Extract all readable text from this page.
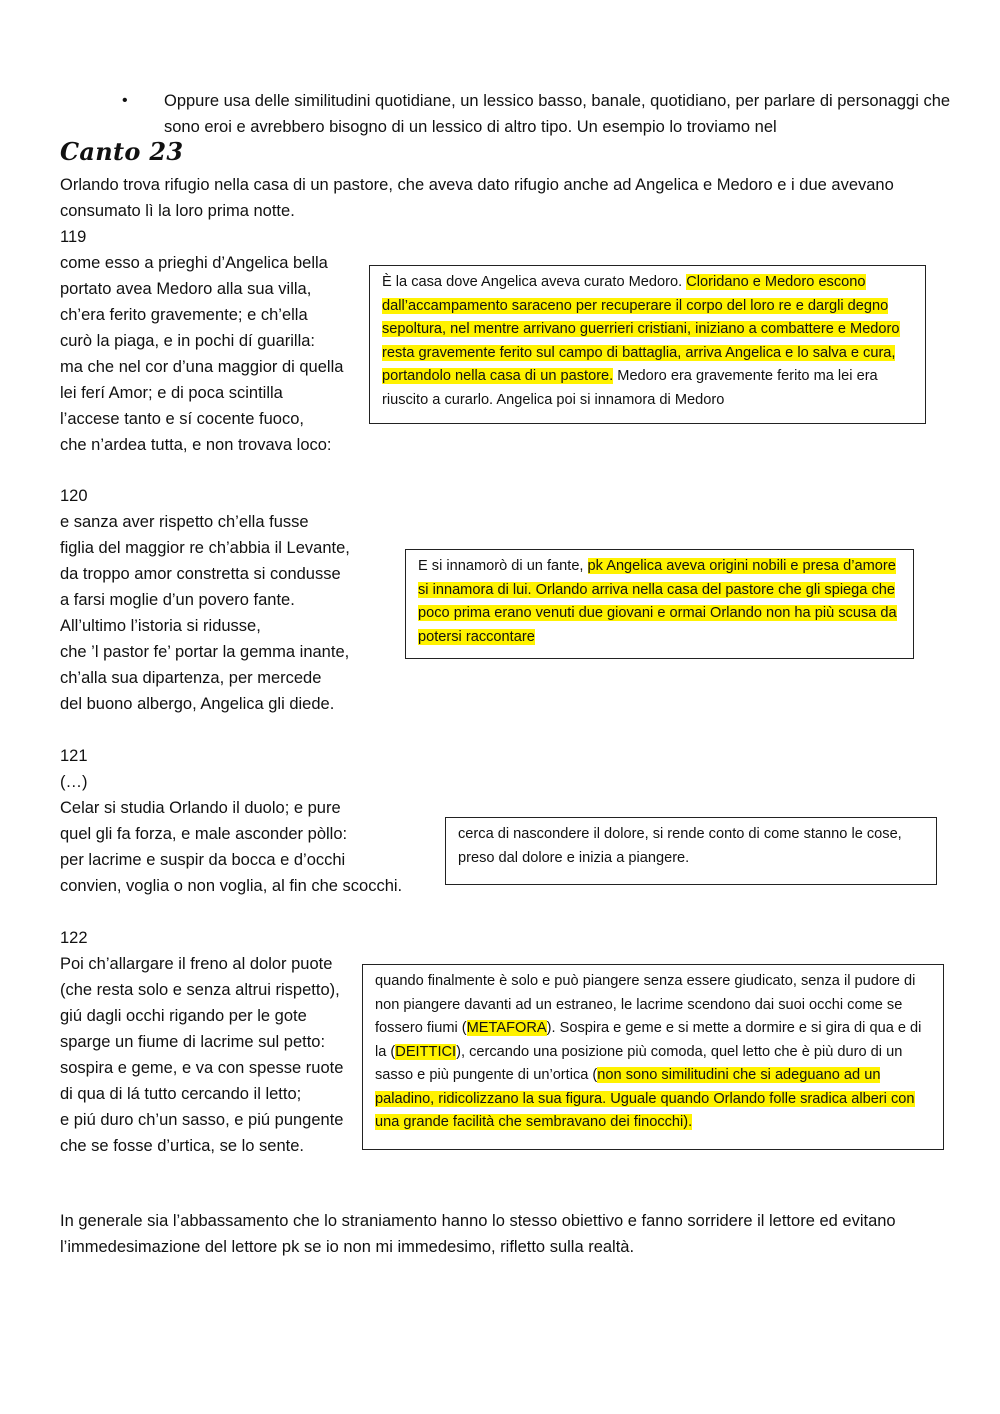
• Oppure usa delle similitudini quotidiane, un lessico basso, banale, quotidiano, per parlare di personaggi che sono eroi e avrebbero bisogno di un lessico di altro tipo. Un esempio lo troviamo nel
Canto 23
Orlando trova rifugio nella casa di un pastore, che aveva dato rifugio anche ad Angelica e Medoro e i due avevano consumato lì la loro prima notte.
119
come esso a prieghi d’Angelica bella
portato avea Medoro alla sua villa,
ch’era ferito gravemente; e ch’ella
curò la piaga, e in pochi dí guarilla:
ma che nel cor d’una maggior di quella
lei ferí Amor; e di poca scintilla
l’accese tanto e sí cocente fuoco,
che n’ardea tutta, e non trovava loco:
È la casa dove Angelica aveva curato Medoro. Cloridano e Medoro escono dall’accampamento saraceno per recuperare il corpo del loro re e dargli degno sepoltura, nel mentre arrivano guerrieri cristiani, iniziano a combattere e Medoro resta gravemente ferito sul campo di battaglia, arriva Angelica e lo salva e cura, portandolo nella casa di un pastore. Medoro era gravemente ferito ma lei era riuscito a curarlo. Angelica poi si innamora di Medoro
120
e sanza aver rispetto ch’ella fusse
figlia del maggior re ch’abbia il Levante,
da troppo amor constretta si condusse
a farsi moglie d’un povero fante.
All’ultimo l’istoria si ridusse,
che ’l pastor fe’ portar la gemma inante,
ch’alla sua dipartenza, per mercede
del buono albergo, Angelica gli diede.
E si innamorò di un fante, pk Angelica aveva origini nobili e presa d’amore si innamora di lui. Orlando arriva nella casa del pastore che gli spiega che poco prima erano venuti due giovani e ormai Orlando non ha più scusa da potersi raccontare
121
(…)
Celar si studia Orlando il duolo; e pure
quel gli fa forza, e male asconder pòllo:
per lacrime e suspir da bocca e d’occhi
convien, voglia o non voglia, al fin che scocchi.
cerca di nascondere il dolore, si rende conto di come stanno le cose, preso dal dolore e inizia a piangere.
122
Poi ch’allargare il freno al dolor puote
(che resta solo e senza altrui rispetto),
giú dagli occhi rigando per le gote
sparge un fiume di lacrime sul petto:
sospira e geme, e va con spesse ruote
di qua di lá tutto cercando il letto;
e piú duro ch’un sasso, e piú pungente
che se fosse d’urtica, se lo sente.
quando finalmente è solo e può piangere senza essere giudicato, senza il pudore di non piangere davanti ad un estraneo, le lacrime scendono dai suoi occhi come se fossero fiumi (METAFORA). Sospira e geme e si mette a dormire e si gira di qua e di la (DEITTICI), cercando una posizione più comoda, quel letto che è più duro di un sasso e più pungente di un’ortica (non sono similitudini che si adeguano ad un paladino, ridicolizzano la sua figura. Uguale quando Orlando folle sradica alberi con una grande facilità che sembravano dei finocchi).
In generale sia l’abbassamento che lo straniamento hanno lo stesso obiettivo e fanno sorridere il lettore ed evitano l’immedesimazione del lettore pk se io non mi immedesimo, rifletto sulla realtà.
